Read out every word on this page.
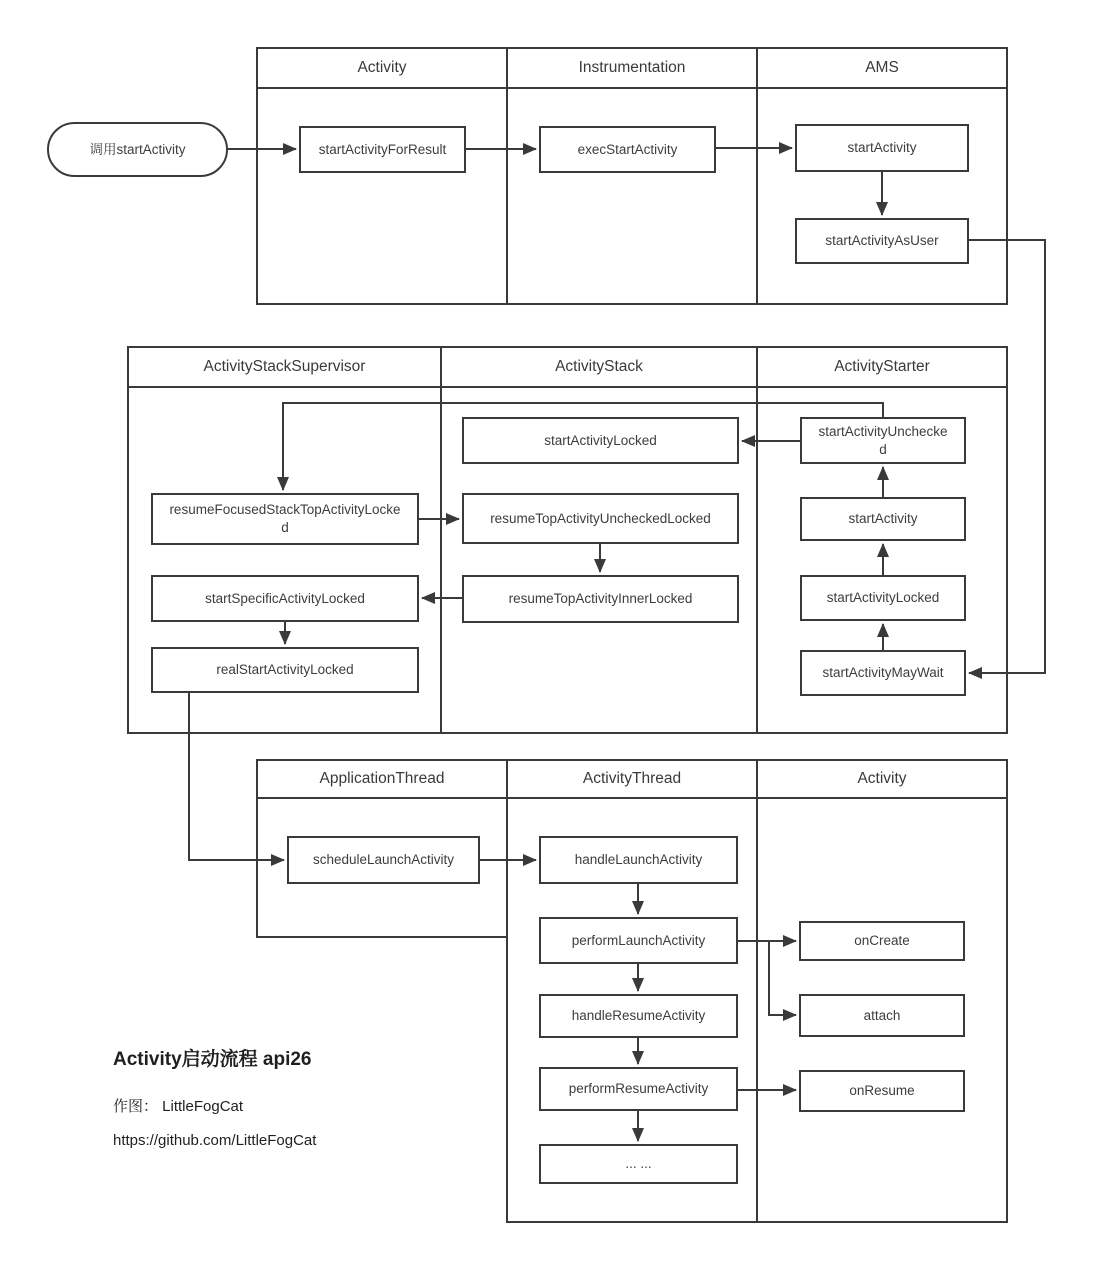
Activity	Instrumentation	AMS
ActivityStackSupervisor	ActivityStack	ActivityStarter
ApplicationThread	ActivityThread	Activity
调用startActivity	startActivityForResult	execStartActivity	startActivity
startActivityAsUser
resumeFocusedStackTopActivityLocked
startSpecificActivityLocked
realStartActivityLocked
startActivityLocked
resumeTopActivityUncheckedLocked
resumeTopActivityInnerLocked
startActivityUnchecked
startActivity
startActivityLocked
startActivityMayWait
scheduleLaunchActivity	handleLaunchActivity
performLaunchActivity
handleResumeActivity
performResumeActivity
... ...
onCreate
attach
onResume
Activity启动流程 api26
作图： LittleFogCat
https://github.com/LittleFogCat
